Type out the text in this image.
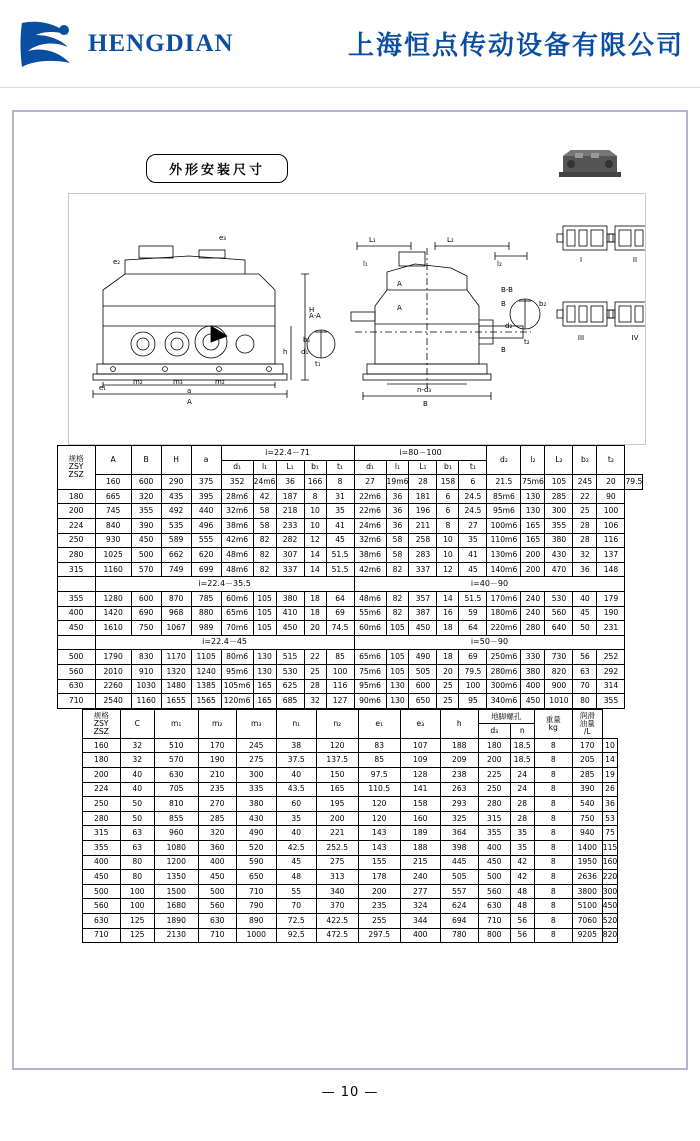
HENGDIAN	上海恒点传动设备有限公司
外形安装尺寸
A
a
H
h
e₂
e₃
e₁
m₂	m₃	m₂
B
n-d₃
L₁	L₂
l₁	l₂
B
B
A
A
t₂
A-A
b₁
t₁
d₁
B-B
b₂
d₂
I	II
III	IV
规格
ZSY
ZSZ	A	B	H	a	i=22.4－71					i=80－100					d₂	l₂	L₂	b₂	t₂	
					d₁	l₁	L₁	b₁	t₁	d₁	l₁	L₁	b₁	t₁						
	160	600	290	375	352	24m6	36	166	8	27	19m6	28	158	6	21.5	75m6	105	245	20	79.5
180	665	320	435	395	28m6	42	187	8	31	22m6	36	181	6	24.5	85m6	130	285	22	90	
200	745	355	492	440	32m6	58	218	10	35	22m6	36	196	6	24.5	95m6	130	300	25	100	
224	840	390	535	496	38m6	58	233	10	41	24m6	36	211	8	27	100m6	165	355	28	106	
250	930	450	589	555	42m6	82	282	12	45	32m6	58	258	10	35	110m6	165	380	28	116	
280	1025	500	662	620	48m6	82	307	14	51.5	38m6	58	283	10	41	130m6	200	430	32	137	
315	1160	570	749	699	48m6	82	337	14	51.5	42m6	82	337	12	45	140m6	200	470	36	148	
	i=22.4－35.5									i=40－90										
355	1280	600	870	785	60m6	105	380	18	64	48m6	82	357	14	51.5	170m6	240	530	40	179	
400	1420	690	968	880	65m6	105	410	18	69	55m6	82	387	16	59	180m6	240	560	45	190	
450	1610	750	1067	989	70m6	105	450	20	74.5	60m6	105	450	18	64	220m6	280	640	50	231	
	i=22.4－45									i=50－90										
500	1790	830	1170	1105	80m6	130	515	22	85	65m6	105	490	18	69	250m6	330	730	56	252	
560	2010	910	1320	1240	95m6	130	530	25	100	75m6	105	505	20	79.5	280m6	380	820	63	292	
630	2260	1030	1480	1385	105m6	165	625	28	116	95m6	130	600	25	100	300m6	400	900	70	314	
710	2540	1160	1655	1565	120m6	165	685	32	127	90m6	130	650	25	95	340m6	450	1010	80	355	
规格
ZSY
ZSZ	C	m₁	m₂	m₃	n₁	n₂	e₁	e₃	h	地脚螺孔		重量
kg	润滑
油量
/L	
										d₃	n			
160	32	510	170	245	38	120	83	107	188	180	18.5	8	170	10
180	32	570	190	275	37.5	137.5	85	109	209	200	18.5	8	205	14
200	40	630	210	300	40	150	97.5	128	238	225	24	8	285	19
224	40	705	235	335	43.5	165	110.5	141	263	250	24	8	390	26
250	50	810	270	380	60	195	120	158	293	280	28	8	540	36
280	50	855	285	430	35	200	120	160	325	315	28	8	750	53
315	63	960	320	490	40	221	143	189	364	355	35	8	940	75
355	63	1080	360	520	42.5	252.5	143	188	398	400	35	8	1400	115
400	80	1200	400	590	45	275	155	215	445	450	42	8	1950	160
450	80	1350	450	650	48	313	178	240	505	500	42	8	2636	220
500	100	1500	500	710	55	340	200	277	557	560	48	8	3800	300
560	100	1680	560	790	70	370	235	324	624	630	48	8	5100	450
630	125	1890	630	890	72.5	422.5	255	344	694	710	56	8	7060	520
710	125	2130	710	1000	92.5	472.5	297.5	400	780	800	56	8	9205	820
— 10 —
